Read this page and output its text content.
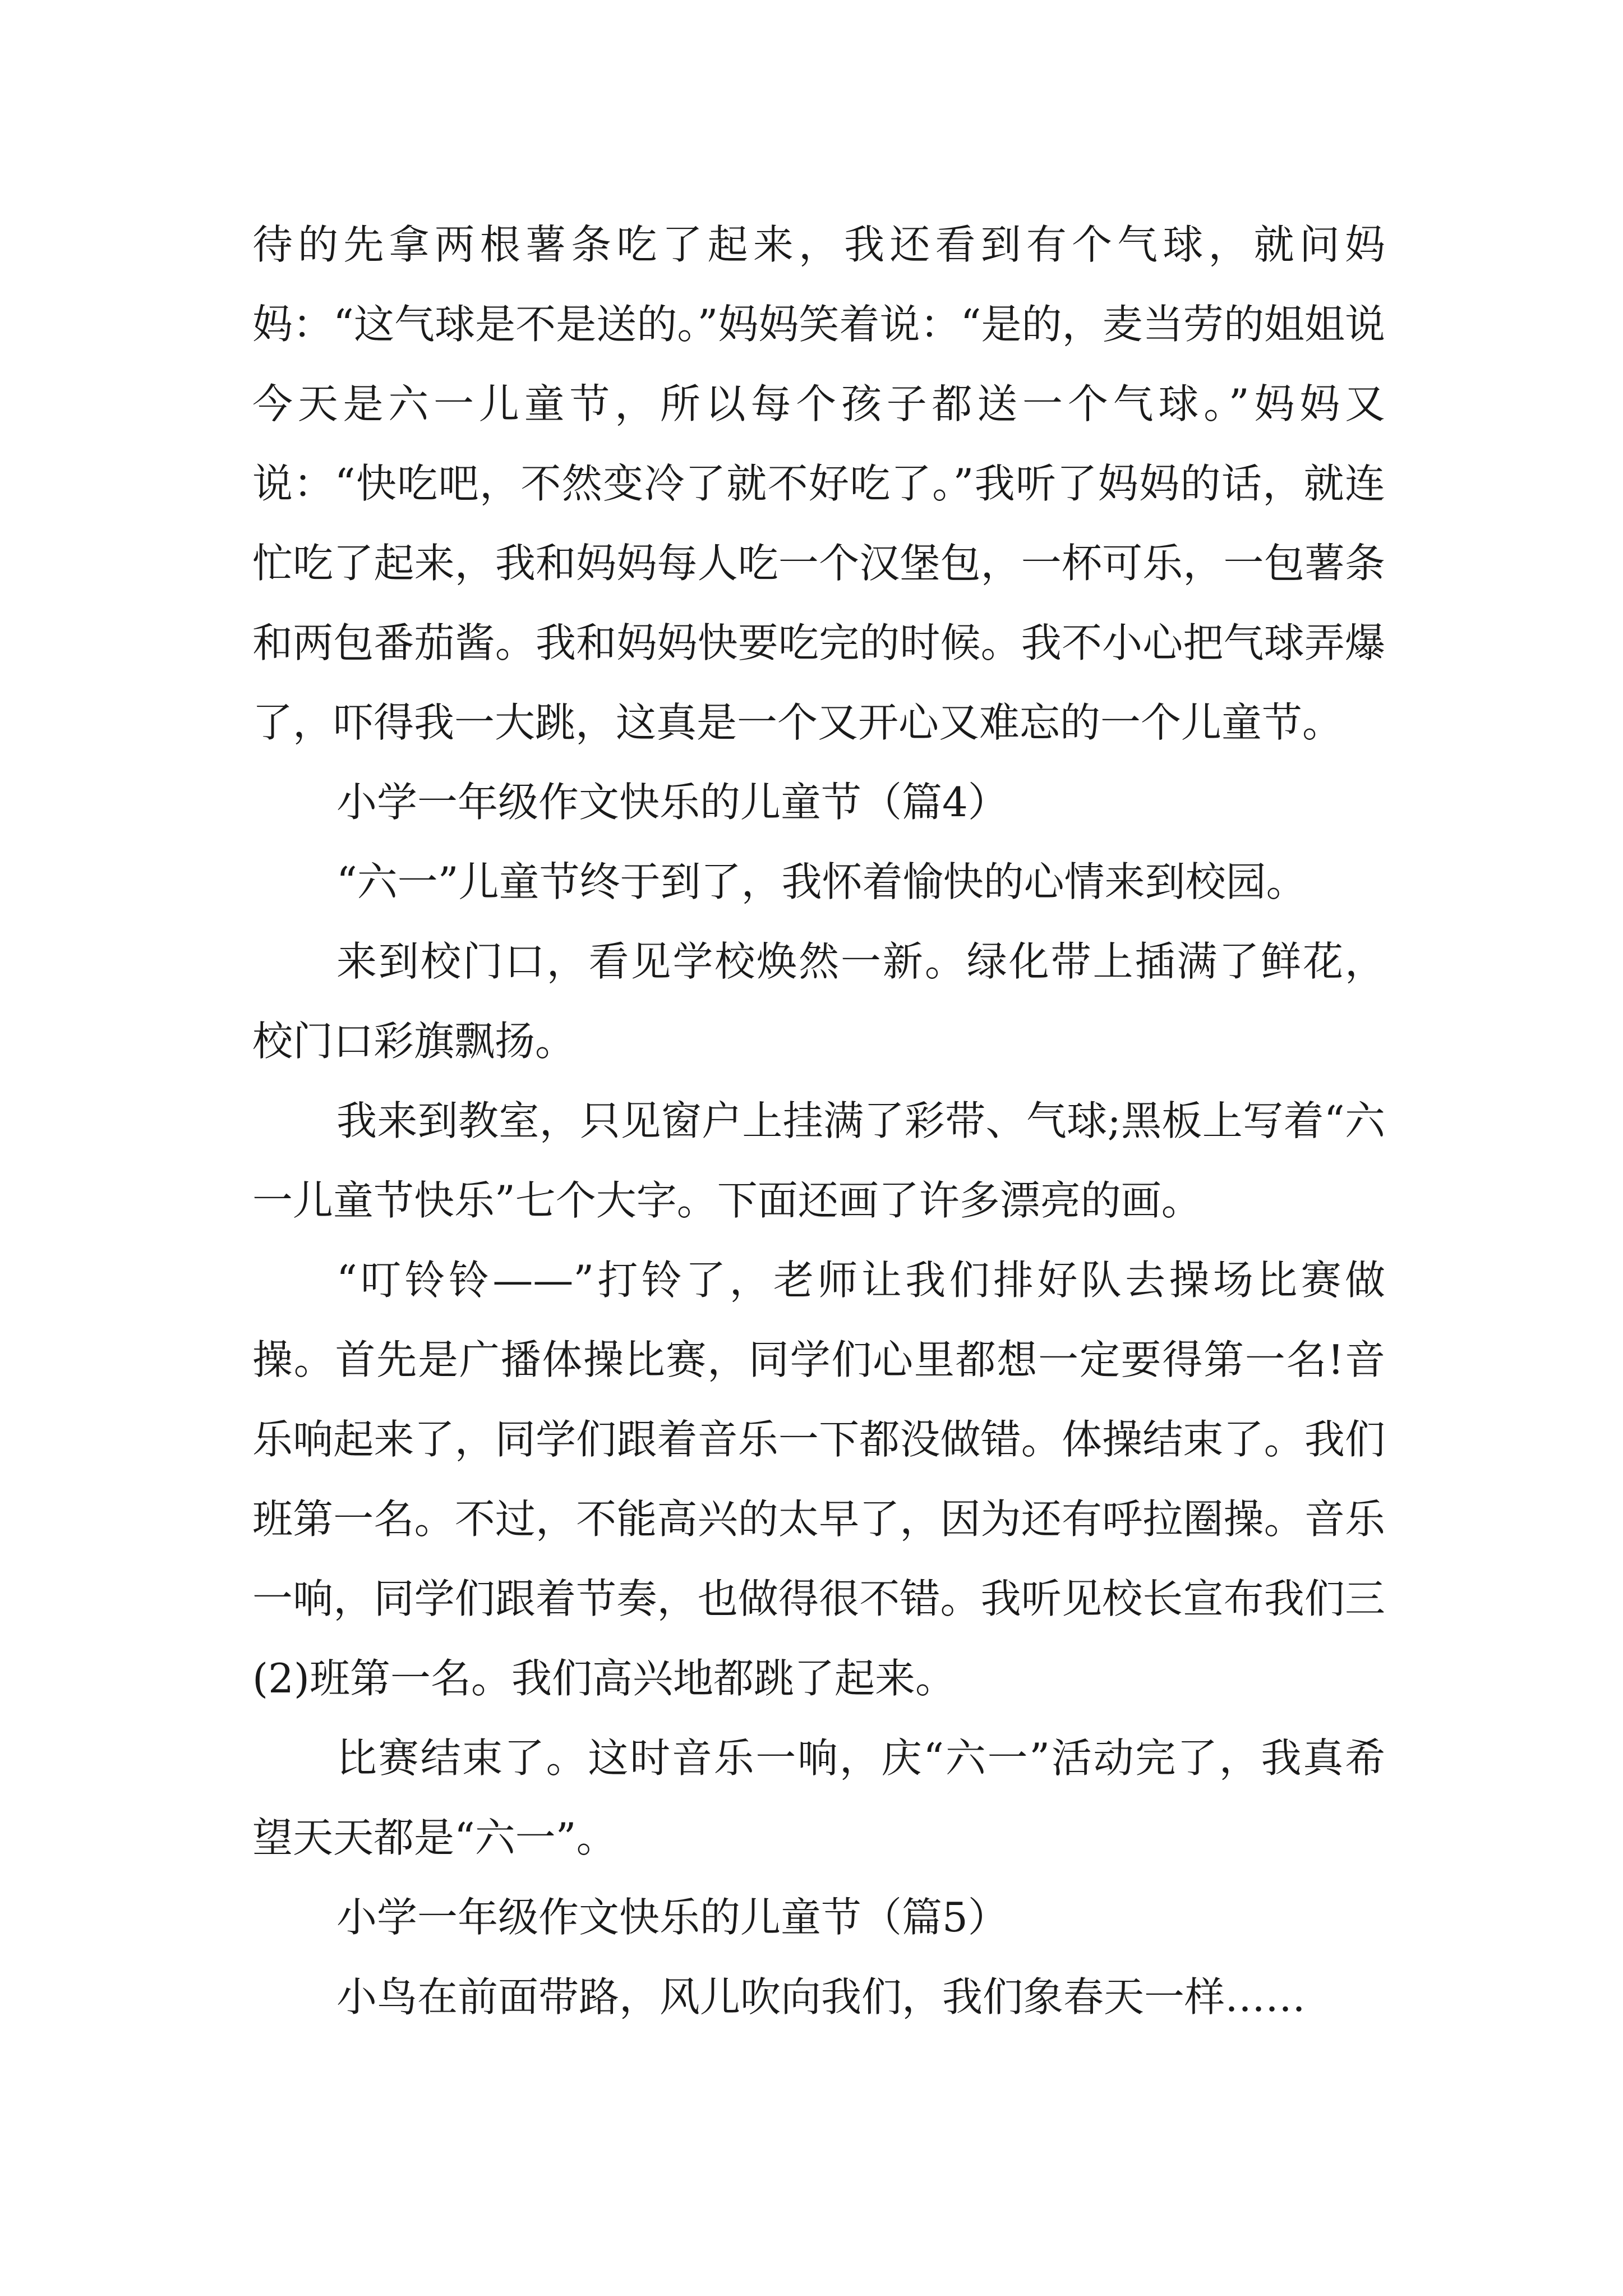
待的先拿两根薯条吃了起来，我还看到有个气球，就问妈妈：“这气球是不是送的。”妈妈笑着说：“是的，麦当劳的姐姐说今天是六一儿童节，所以每个孩子都送一个气球。”妈妈又说：“快吃吧，不然变冷了就不好吃了。”我听了妈妈的话，就连忙吃了起来，我和妈妈每人吃一个汉堡包，一杯可乐，一包薯条和两包番茄酱。我和妈妈快要吃完的时候。我不小心把气球弄爆了，吓得我一大跳，这真是一个又开心又难忘的一个儿童节。

小学一年级作文快乐的儿童节（篇4）

“六一”儿童节终于到了，我怀着愉快的心情来到校园。

来到校门口，看见学校焕然一新。绿化带上插满了鲜花，校门口彩旗飘扬。

我来到教室，只见窗户上挂满了彩带、气球;黑板上写着“六一儿童节快乐”七个大字。下面还画了许多漂亮的画。

“叮铃铃——”打铃了，老师让我们排好队去操场比赛做操。首先是广播体操比赛，同学们心里都想一定要得第一名!音乐响起来了，同学们跟着音乐一下都没做错。体操结束了。我们班第一名。不过，不能高兴的太早了，因为还有呼拉圈操。音乐一响，同学们跟着节奏，也做得很不错。我听见校长宣布我们三(2)班第一名。我们高兴地都跳了起来。

比赛结束了。这时音乐一响，庆“六一”活动完了，我真希望天天都是“六一”。

小学一年级作文快乐的儿童节（篇5）

小鸟在前面带路，风儿吹向我们，我们象春天一样……
